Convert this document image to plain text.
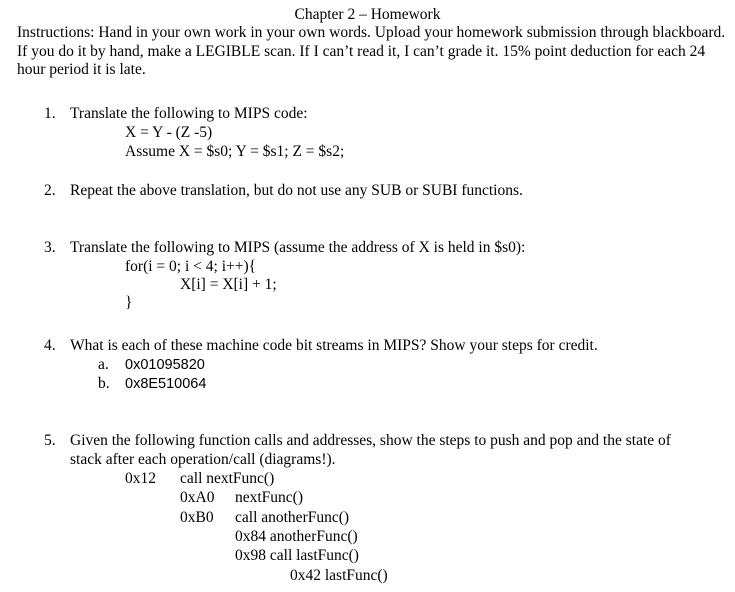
Chapter 2 – Homework
Instructions: Hand in your own work in your own words. Upload your homework submission through blackboard. If you do it by hand, make a LEGIBLE scan. If I can’t read it, I can’t grade it. 15% point deduction for each 24 hour period it is late.
1. Translate the following to MIPS code:
X = Y - (Z -5)
Assume X = $s0; Y = $s1; Z = $s2;
2. Repeat the above translation, but do not use any SUB or SUBI functions.
3. Translate the following to MIPS (assume the address of X is held in $s0):
for(i = 0; i < 4; i++){
X[i] = X[i] + 1;
}
4. What is each of these machine code bit streams in MIPS? Show your steps for credit.
a. 0x01095820
b. 0x8E510064
5. Given the following function calls and addresses, show the steps to push and pop and the state of
stack after each operation/call (diagrams!).
0x12 call nextFunc()
0xA0 nextFunc()
0xB0 call anotherFunc()
0x84 anotherFunc()
0x98 call lastFunc()
0x42 lastFunc()
